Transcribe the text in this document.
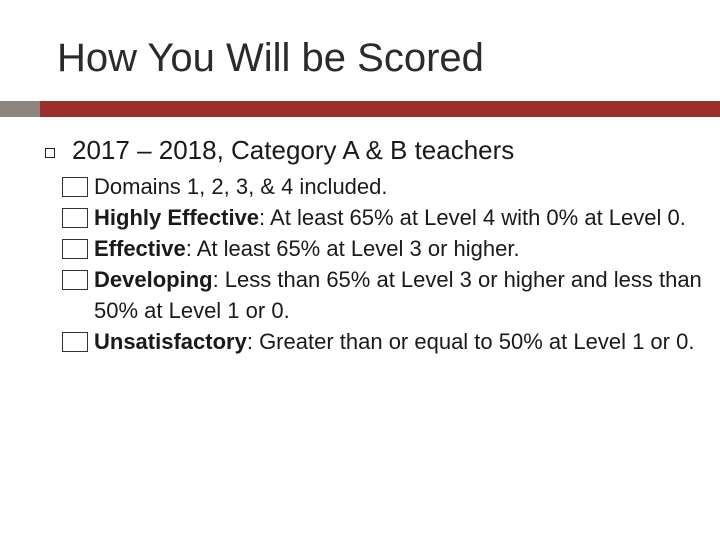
How You Will be Scored
2017 – 2018, Category A & B teachers
Domains 1, 2, 3, & 4 included.
Highly Effective: At least 65% at Level 4 with 0% at Level 0.
Effective: At least 65% at Level 3 or higher.
Developing: Less than 65% at Level 3 or higher and less than 50% at Level 1 or 0.
Unsatisfactory: Greater than or equal to 50% at Level 1 or 0.
